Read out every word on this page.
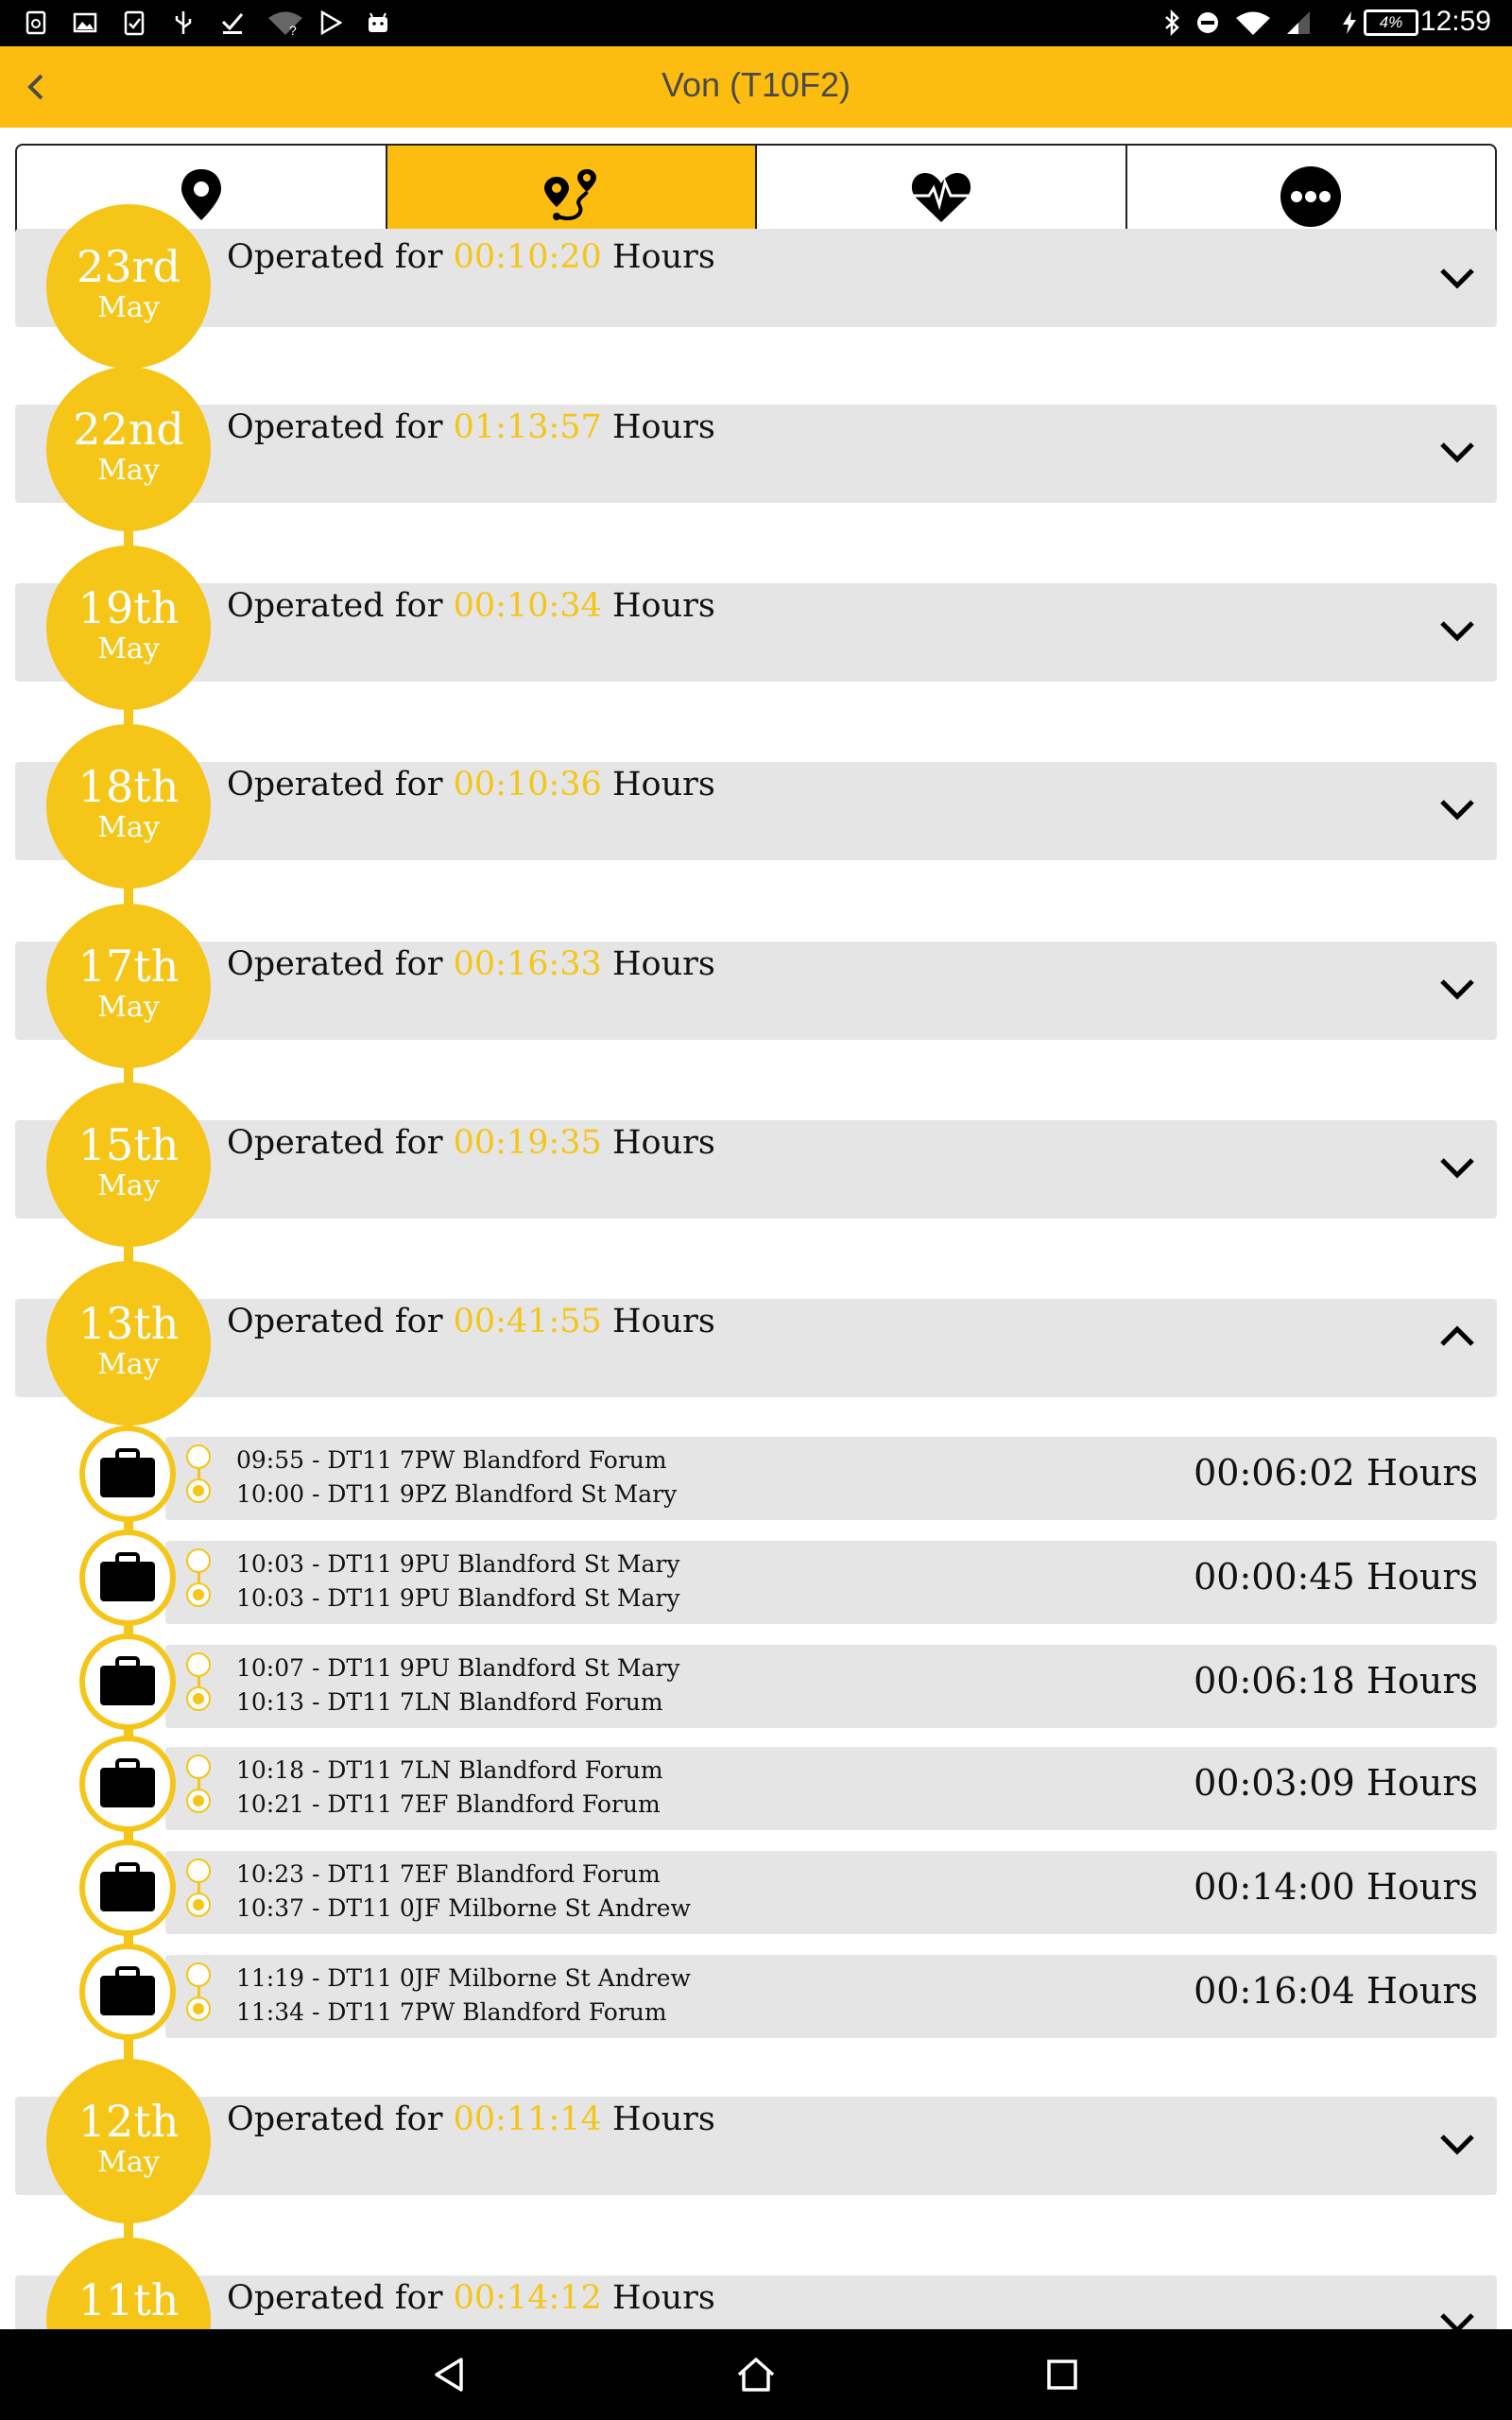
?	4% 12:59
Von (T10F2)
23rd
May
Operated for 00:10:20 Hours
22nd
May
Operated for 01:13:57 Hours
19th
May
Operated for 00:10:34 Hours
18th
May
Operated for 00:10:36 Hours
17th
May
Operated for 00:16:33 Hours
15th
May
Operated for 00:19:35 Hours
13th
May
Operated for 00:41:55 Hours
09:55 - DT11 7PW Blandford Forum
10:00 - DT11 9PZ Blandford St Mary
00:06:02 Hours
10:03 - DT11 9PU Blandford St Mary
10:03 - DT11 9PU Blandford St Mary
00:00:45 Hours
10:07 - DT11 9PU Blandford St Mary
10:13 - DT11 7LN Blandford Forum
00:06:18 Hours
10:18 - DT11 7LN Blandford Forum
10:21 - DT11 7EF Blandford Forum
00:03:09 Hours
10:23 - DT11 7EF Blandford Forum
10:37 - DT11 0JF Milborne St Andrew
00:14:00 Hours
11:19 - DT11 0JF Milborne St Andrew
11:34 - DT11 7PW Blandford Forum
00:16:04 Hours
12th
May
Operated for 00:11:14 Hours
11th	Operated for 00:14:12 Hours
